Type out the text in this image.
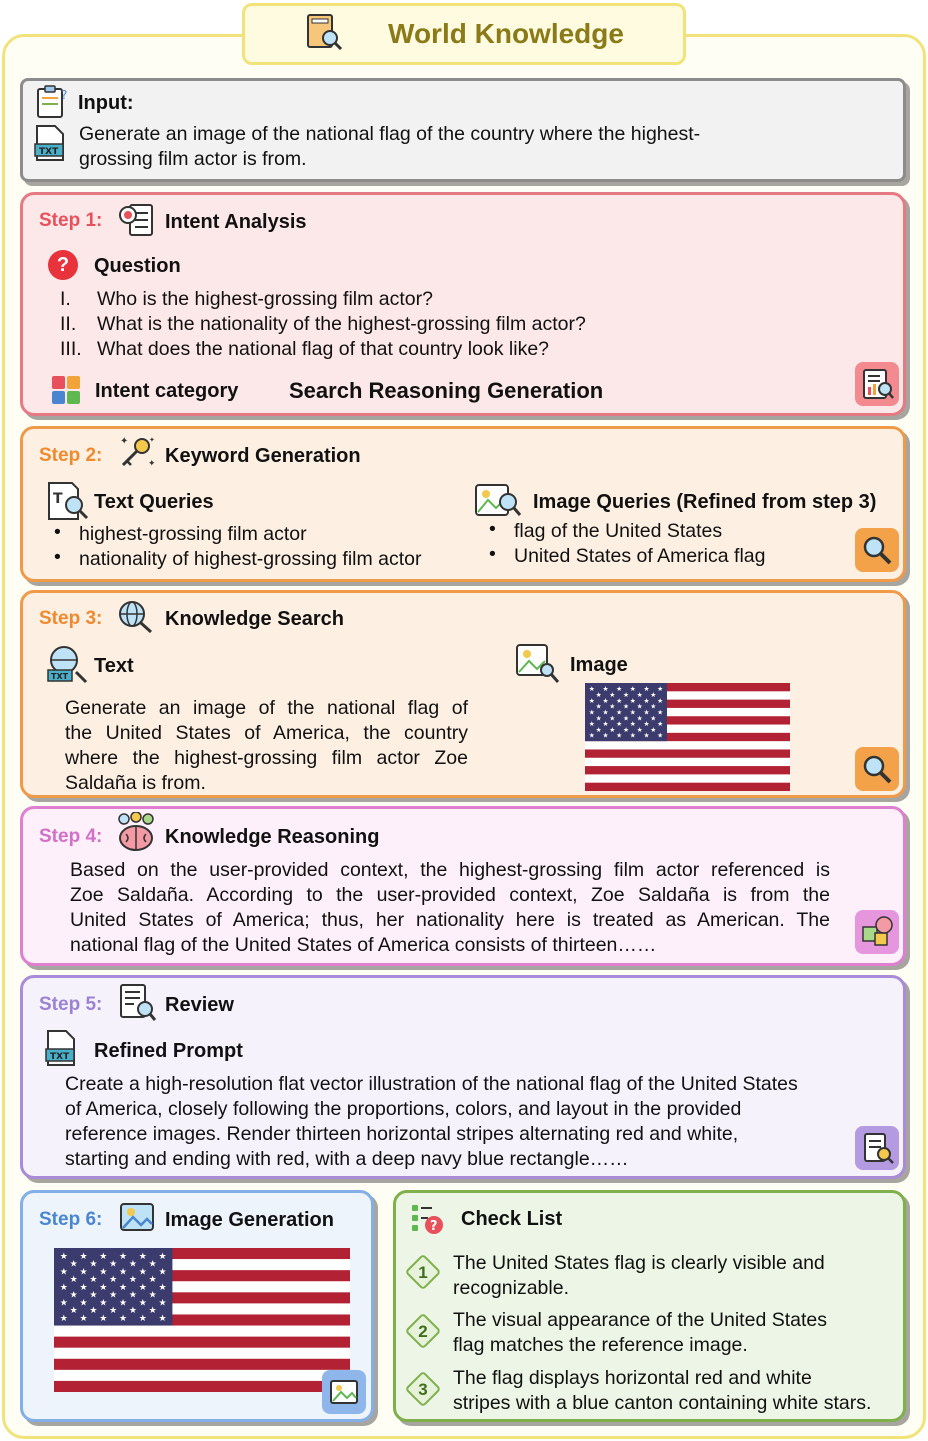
World Knowledge
? Input:
TXT
Generate an image of the national flag of the country where the highest-
grossing film actor is from.
Step 1:	Intent Analysis
?	Question
I. Who is the highest-grossing film actor?
II. What is the nationality of the highest-grossing film actor?
III. What does the national flag of that country look like?
Intent category Search Reasoning Generation
Step 2:
✦
✦
✦
Keyword Generation
T Text Queries
• highest-grossing film actor
• nationality of highest-grossing film actor
Image Queries (Refined from step 3)
• flag of the United States
• United States of America flag
Step 3:	Knowledge Search
TXT Text
Generate an image of the national flag of
the United States of America, the country
where the highest-grossing film actor Zoe
Saldaña is from.
Image
★ ★ ★ ★ ★ ★
★ ★ ★ ★ ★
★ ★ ★ ★ ★ ★
★ ★ ★ ★ ★
★ ★ ★ ★ ★ ★
★ ★ ★ ★ ★
★ ★ ★ ★ ★ ★
★ ★ ★ ★ ★
★ ★ ★ ★ ★ ★
Step 4:	Knowledge Reasoning
Based on the user-provided context, the highest-grossing film actor referenced is
Zoe Saldaña. According to the user-provided context, Zoe Saldaña is from the
United States of America; thus, her nationality here is treated as American. The
national flag of the United States of America consists of thirteen……
Step 5:	Review
TXT Refined Prompt
Create a high-resolution flat vector illustration of the national flag of the United States
of America, closely following the proportions, colors, and layout in the provided
reference images. Render thirteen horizontal stripes alternating red and white,
starting and ending with red, with a deep navy blue rectangle……
Step 6:	Image Generation
★ ★ ★ ★ ★ ★
★ ★ ★ ★ ★
★ ★ ★ ★ ★ ★
★ ★ ★ ★ ★
★ ★ ★ ★ ★ ★
★ ★ ★ ★ ★
★ ★ ★ ★ ★ ★
★ ★ ★ ★ ★
★ ★ ★ ★ ★ ★
? Check List
1	The United States flag is clearly visible and
recognizable.
2
The visual appearance of the United States
flag matches the reference image.
3
The flag displays horizontal red and white
stripes with a blue canton containing white stars.
